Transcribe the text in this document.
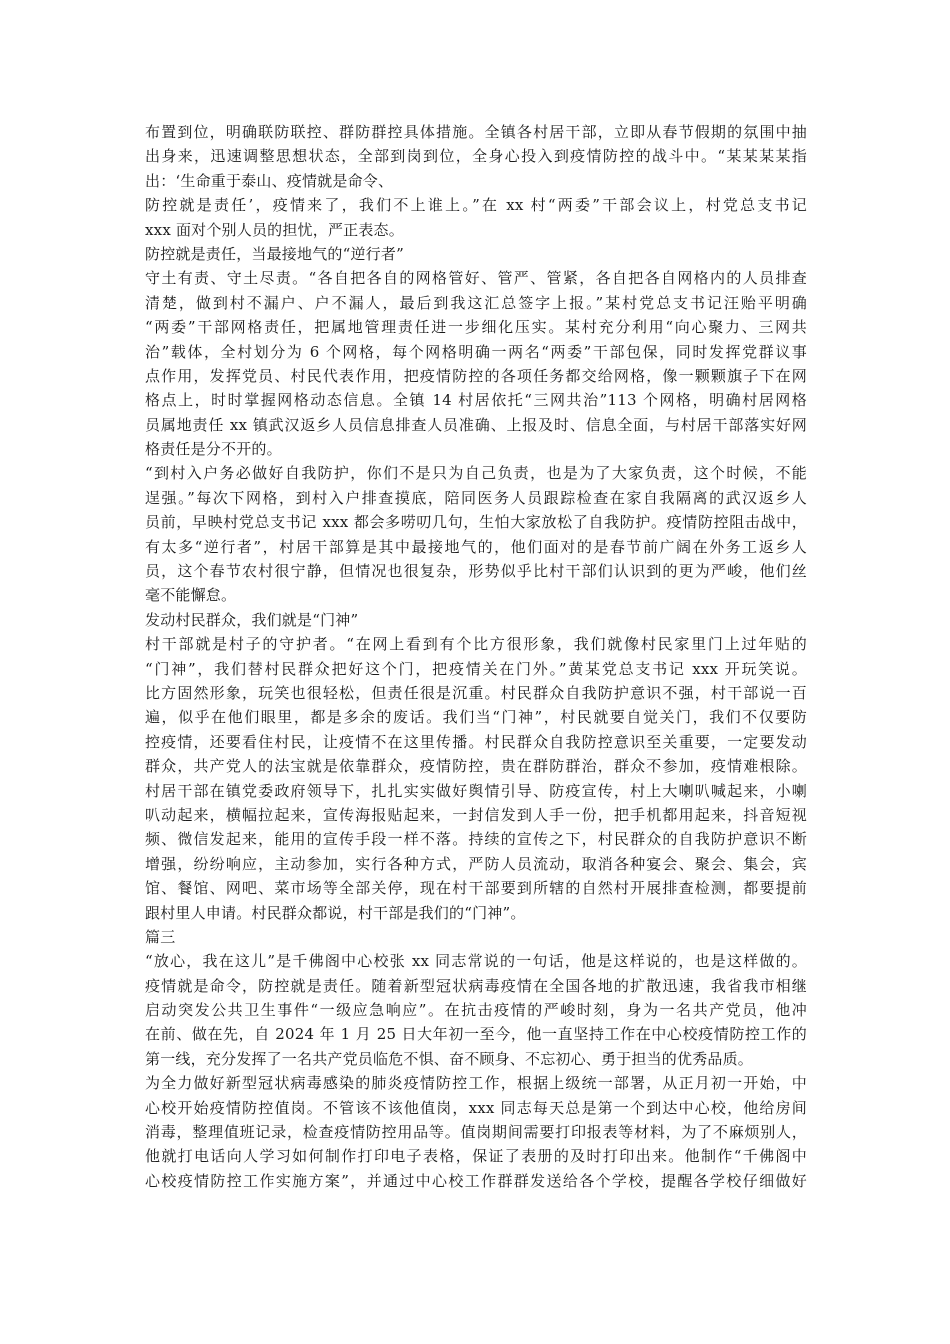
布置到位，明确联防联控、群防群控具体措施。全镇各村居干部，立即从春节假期的氛围中抽
出身来，迅速调整思想状态，全部到岗到位，全身心投入到疫情防控的战斗中。“某某某某指
出：‘生命重于泰山、疫情就是命令、
防控就是责任’，疫情来了，我们不上谁上。”在 xx 村“两委”干部会议上，村党总支书记
xxx 面对个别人员的担忧，严正表态。
防控就是责任，当最接地气的“逆行者”
守土有责、守土尽责。“各自把各自的网格管好、管严、管紧，各自把各自网格内的人员排查
清楚，做到村不漏户、户不漏人，最后到我这汇总签字上报。”某村党总支书记汪贻平明确
“两委”干部网格责任，把属地管理责任进一步细化压实。某村充分利用“向心聚力、三网共
治”载体，全村划分为 6 个网格，每个网格明确一两名“两委”干部包保，同时发挥党群议事
点作用，发挥党员、村民代表作用，把疫情防控的各项任务都交给网格，像一颗颗旗子下在网
格点上，时时掌握网格动态信息。全镇 14 村居依托“三网共治”113 个网格，明确村居网格
员属地责任 xx 镇武汉返乡人员信息排查人员准确、上报及时、信息全面，与村居干部落实好网
格责任是分不开的。
“到村入户务必做好自我防护，你们不是只为自己负责，也是为了大家负责，这个时候，不能
逞强。”每次下网格，到村入户排查摸底，陪同医务人员跟踪检查在家自我隔离的武汉返乡人
员前，早映村党总支书记 xxx 都会多唠叨几句，生怕大家放松了自我防护。疫情防控阻击战中，
有太多“逆行者”，村居干部算是其中最接地气的，他们面对的是春节前广阔在外务工返乡人
员，这个春节农村很宁静，但情况也很复杂，形势似乎比村干部们认识到的更为严峻，他们丝
毫不能懈怠。
发动村民群众，我们就是“门神”
村干部就是村子的守护者。“在网上看到有个比方很形象，我们就像村民家里门上过年贴的
“门神”，我们替村民群众把好这个门，把疫情关在门外。”黄某党总支书记 xxx 开玩笑说。
比方固然形象，玩笑也很轻松，但责任很是沉重。村民群众自我防护意识不强，村干部说一百
遍，似乎在他们眼里，都是多余的废话。我们当“门神”，村民就要自觉关门，我们不仅要防
控疫情，还要看住村民，让疫情不在这里传播。村民群众自我防控意识至关重要，一定要发动
群众，共产党人的法宝就是依靠群众，疫情防控，贵在群防群治，群众不参加，疫情难根除。
村居干部在镇党委政府领导下，扎扎实实做好舆情引导、防疫宣传，村上大喇叭喊起来，小喇
叭动起来，横幅拉起来，宣传海报贴起来，一封信发到人手一份，把手机都用起来，抖音短视
频、微信发起来，能用的宣传手段一样不落。持续的宣传之下，村民群众的自我防护意识不断
增强，纷纷响应，主动参加，实行各种方式，严防人员流动，取消各种宴会、聚会、集会，宾
馆、餐馆、网吧、菜市场等全部关停，现在村干部要到所辖的自然村开展排查检测，都要提前
跟村里人申请。村民群众都说，村干部是我们的“门神”。
篇三
“放心，我在这儿”是千佛阁中心校张 xx 同志常说的一句话，他是这样说的，也是这样做的。
疫情就是命令，防控就是责任。随着新型冠状病毒疫情在全国各地的扩散迅速，我省我市相继
启动突发公共卫生事件“一级应急响应”。在抗击疫情的严峻时刻，身为一名共产党员，他冲
在前、做在先，自 2024 年 1 月 25 日大年初一至今，他一直坚持工作在中心校疫情防控工作的
第一线，充分发挥了一名共产党员临危不惧、奋不顾身、不忘初心、勇于担当的优秀品质。
为全力做好新型冠状病毒感染的肺炎疫情防控工作，根据上级统一部署，从正月初一开始，中
心校开始疫情防控值岗。不管该不该他值岗，xxx 同志每天总是第一个到达中心校，他给房间
消毒，整理值班记录，检查疫情防控用品等。值岗期间需要打印报表等材料，为了不麻烦别人，
他就打电话向人学习如何制作打印电子表格，保证了表册的及时打印出来。他制作“千佛阁中
心校疫情防控工作实施方案”，并通过中心校工作群群发送给各个学校，提醒各学校仔细做好
